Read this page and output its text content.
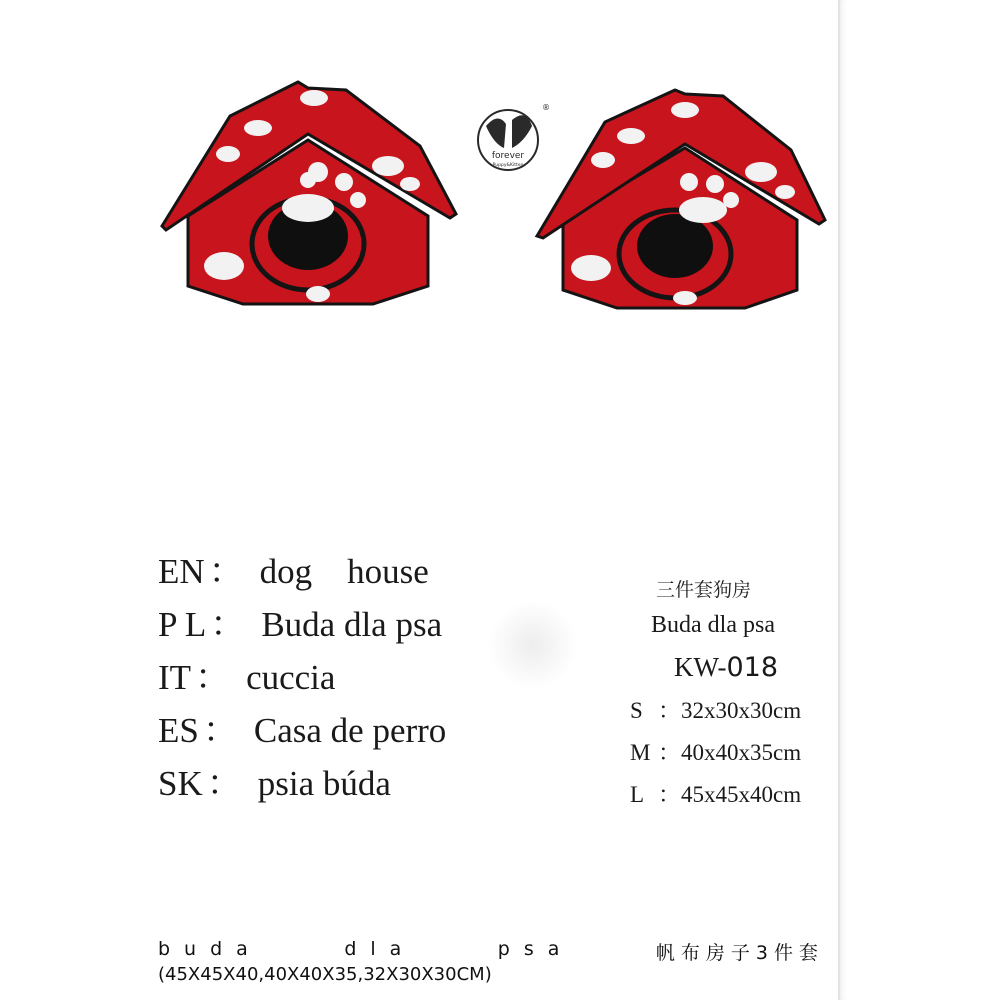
forever
Puppy&Kitten
®
EN ： dog    house
P L ： Buda dla psa
IT ： cuccia
ES ： Casa de perro
SK ： psia búda
三件套狗房
Buda dla psa
KW-018
S ：32x30x30cm
M ：40x40x35cm
L ：45x45x40cm
buda	dla	psa	帆布房子3件套
(45X45X40,40X40X35,32X30X30CM)
